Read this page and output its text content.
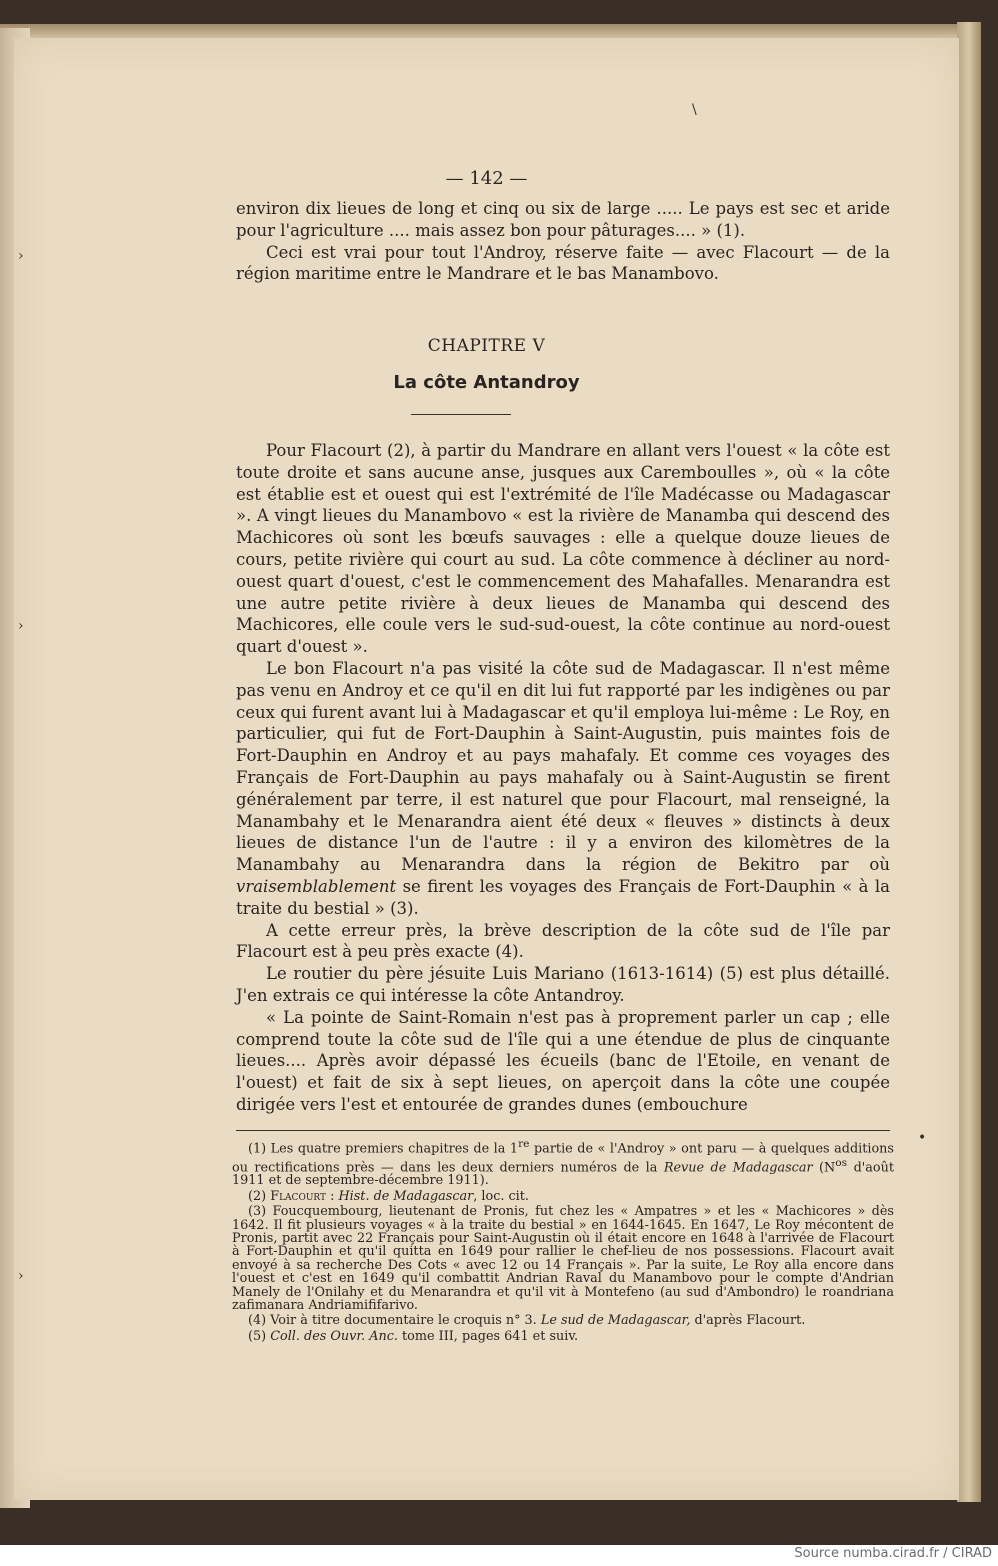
— 142 —

environ dix lieues de long et cinq ou six de large ..... Le pays est sec et aride pour l'agriculture .... mais assez bon pour pâturages.... » (1).

Ceci est vrai pour tout l'Androy, réserve faite — avec Flacourt — de la région maritime entre le Mandrare et le bas Manambovo.

CHAPITRE V
La côte Antandroy

Pour Flacourt (2), à partir du Mandrare en allant vers l'ouest « la côte est toute droite et sans aucune anse, jusques aux Caremboulles », où « la côte est établie est et ouest qui est l'extrémité de l'île Madécasse ou Madagascar ». A vingt lieues du Manambovo « est la rivière de Manamba qui descend des Machicores où sont les bœufs sauvages : elle a quelque douze lieues de cours, petite rivière qui court au sud. La côte commence à décliner au nord-ouest quart d'ouest, c'est le commencement des Mahafalles. Menarandra est une autre petite rivière à deux lieues de Manamba qui descend des Machicores, elle coule vers le sud-sud-ouest, la côte continue au nord-ouest quart d'ouest ».

Le bon Flacourt n'a pas visité la côte sud de Madagascar. Il n'est même pas venu en Androy et ce qu'il en dit lui fut rapporté par les indigènes ou par ceux qui furent avant lui à Madagascar et qu'il employa lui-même : Le Roy, en particulier, qui fut de Fort-Dauphin à Saint-Augustin, puis maintes fois de Fort-Dauphin en Androy et au pays mahafaly. Et comme ces voyages des Français de Fort-Dauphin au pays mahafaly ou à Saint-Augustin se firent généralement par terre, il est naturel que pour Flacourt, mal renseigné, la Manambahy et le Menarandra aient été deux « fleuves » distincts à deux lieues de distance l'un de l'autre : il y a environ des kilomètres de la Manambahy au Menarandra dans la région de Bekitro par où vraisemblablement se firent les voyages des Français de Fort-Dauphin « à la traite du bestial » (3).

A cette erreur près, la brève description de la côte sud de l'île par Flacourt est à peu près exacte (4).

Le routier du père jésuite Luis Mariano (1613-1614) (5) est plus détaillé. J'en extrais ce qui intéresse la côte Antandroy.

« La pointe de Saint-Romain n'est pas à proprement parler un cap ; elle comprend toute la côte sud de l'île qui a une étendue de plus de cinquante lieues.... Après avoir dépassé les écueils (banc de l'Etoile, en venant de l'ouest) et fait de six à sept lieues, on aperçoit dans la côte une coupée dirigée vers l'est et entourée de grandes dunes (embouchure

(1) Les quatre premiers chapitres de la 1re partie de « l'Androy » ont paru — à quelques additions ou rectifications près — dans les deux derniers numéros de la Revue de Madagascar ($N^{os}$ d'août 1911 et de septembre-décembre 1911).

(2) Flacourt : Hist. de Madagascar, loc. cit.

(3) Foucquembourg, lieutenant de Pronis, fut chez les « Ampatres » et les « Machicores » dès 1642. Il fit plusieurs voyages « à la traite du bestial » en 1644-1645. En 1647, Le Roy mécontent de Pronis, partit avec 22 Français pour Saint-Augustin où il était encore en 1648 à l'arrivée de Flacourt à Fort-Dauphin et qu'il quitta en 1649 pour rallier le chef-lieu de nos possessions. Flacourt avait envoyé à sa recherche Des Cots « avec 12 ou 14 Français ». Par la suite, Le Roy alla encore dans l'ouest et c'est en 1649 qu'il combattit Andrian Raval du Manambovo pour le compte d'Andrian Manely de l'Onilahy et du Menarandra et qu'il vit à Montefeno (au sud d'Ambondro) le roandriana zafimanara Andriamififarivo.

(4) Voir à titre documentaire le croquis n° 3. Le sud de Madagascar, d'après Flacourt.

(5) Coll. des Ouvr. Anc. tome III, pages 641 et suiv.

\
›
›
›
•
Source numba.cirad.fr / CIRAD
